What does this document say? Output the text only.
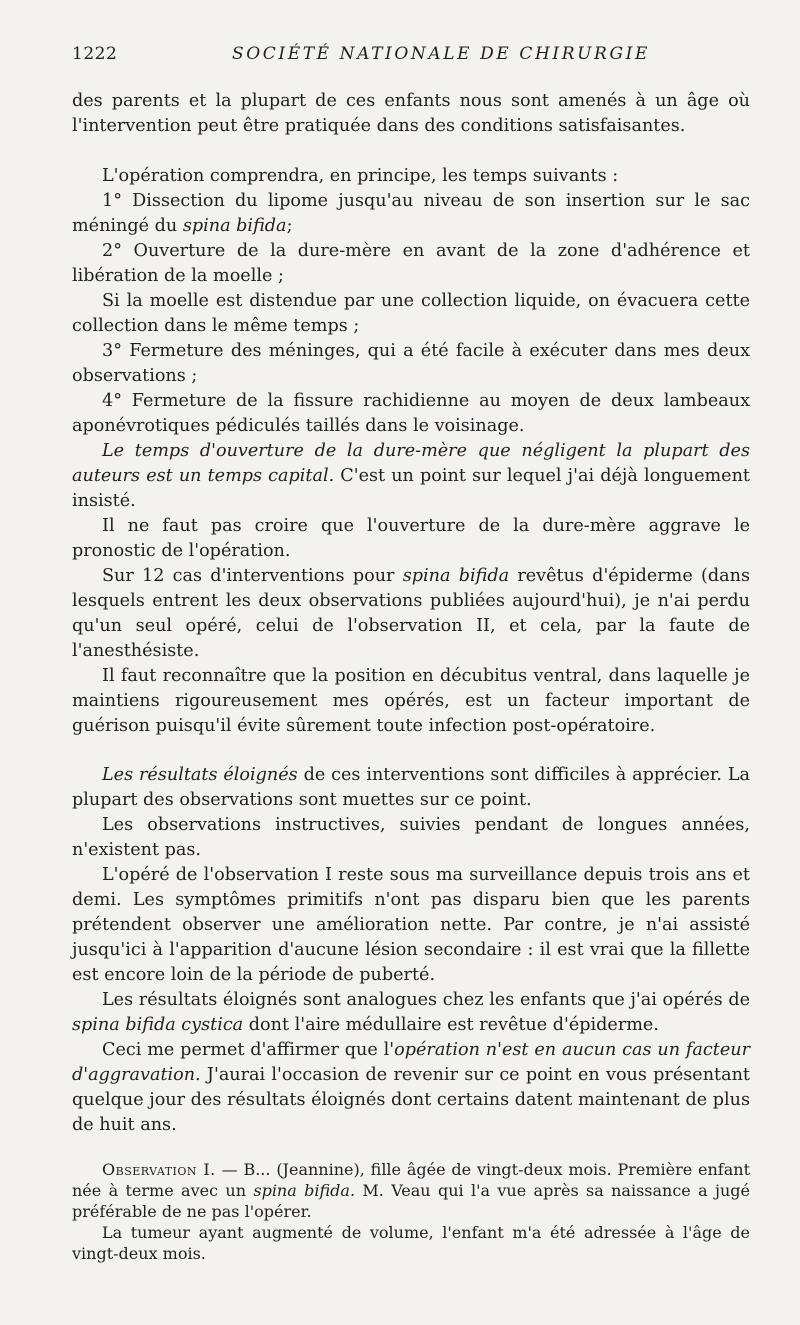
1222	SOCIÉTÉ NATIONALE DE CHIRURGIE

des parents et la plupart de ces enfants nous sont amenés à un âge où l'intervention peut être pratiquée dans des conditions satisfaisantes.

L'opération comprendra, en principe, les temps suivants :

1° Dissection du lipome jusqu'au niveau de son insertion sur le sac méningé du spina bifida;

2° Ouverture de la dure-mère en avant de la zone d'adhérence et libération de la moelle ;

Si la moelle est distendue par une collection liquide, on évacuera cette collection dans le même temps ;

3° Fermeture des méninges, qui a été facile à exécuter dans mes deux observations ;

4° Fermeture de la fissure rachidienne au moyen de deux lambeaux aponévrotiques pédiculés taillés dans le voisinage.

Le temps d'ouverture de la dure-mère que négligent la plupart des auteurs est un temps capital. C'est un point sur lequel j'ai déjà longuement insisté.

Il ne faut pas croire que l'ouverture de la dure-mère aggrave le pronostic de l'opération.

Sur 12 cas d'interventions pour spina bifida revêtus d'épiderme (dans lesquels entrent les deux observations publiées aujourd'hui), je n'ai perdu qu'un seul opéré, celui de l'observation II, et cela, par la faute de l'anesthésiste.

Il faut reconnaître que la position en décubitus ventral, dans laquelle je maintiens rigoureusement mes opérés, est un facteur important de guérison puisqu'il évite sûrement toute infection post-opératoire.

Les résultats éloignés de ces interventions sont difficiles à apprécier. La plupart des observations sont muettes sur ce point.

Les observations instructives, suivies pendant de longues années, n'existent pas.

L'opéré de l'observation I reste sous ma surveillance depuis trois ans et demi. Les symptômes primitifs n'ont pas disparu bien que les parents prétendent observer une amélioration nette. Par contre, je n'ai assisté jusqu'ici à l'apparition d'aucune lésion secondaire : il est vrai que la fillette est encore loin de la période de puberté.

Les résultats éloignés sont analogues chez les enfants que j'ai opérés de spina bifida cystica dont l'aire médullaire est revêtue d'épiderme.

Ceci me permet d'affirmer que l'opération n'est en aucun cas un facteur d'aggravation. J'aurai l'occasion de revenir sur ce point en vous présentant quelque jour des résultats éloignés dont certains datent maintenant de plus de huit ans.

Observation I. — B... (Jeannine), fille âgée de vingt-deux mois. Première enfant née à terme avec un spina bifida. M. Veau qui l'a vue après sa naissance a jugé préférable de ne pas l'opérer.

La tumeur ayant augmenté de volume, l'enfant m'a été adressée à l'âge de vingt-deux mois.
